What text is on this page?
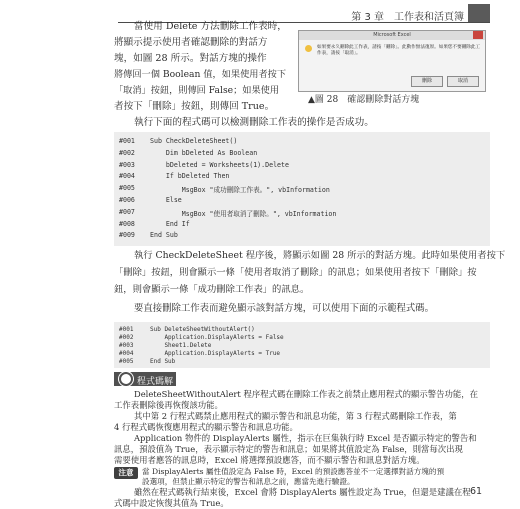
第 3 章　工作表和活頁簿
當使用 Delete 方法刪除工作表時，
將顯示提示使用者確認刪除的對話方
塊，如圖 28 所示。對話方塊的操作
將傳回一個 Boolean 值，如果使用者按下
「取消」按鈕，則傳回 False；如果使用
者按下「刪除」按鈕，則傳回 True。
Microsoft Excel
如果要永久刪除此工作表，請按「刪除」。此動作無法復原。如果您不要刪除此工作表，請按「取消」。
刪除	取消
▲圖 28　確認刪除對話方塊
#001	Sub CheckDeleteSheet()
#002	Dim bDeleted As Boolean
#003	bDeleted = Worksheets(1).Delete
#004	If bDeleted Then
#005	MsgBox "成功刪除工作表。", vbInformation
#006	Else
#007	MsgBox "使用者取消了刪除。", vbInformation
#008	End If
#009	End Sub
#001	Sub DeleteSheetWithoutAlert()
#002	Application.DisplayAlerts = False
#003	Sheet1.Delete
#004	Application.DisplayAlerts = True
#005	End Sub
程式碼解析
61
執行下面的程式碼可以檢測刪除工作表的操作是否成功。
執行 CheckDeleteSheet 程序後，將顯示如圖 28 所示的對話方塊。此時如果使用者按下
「刪除」按鈕，則會顯示一條「使用者取消了刪除」的訊息；如果使用者按下「刪除」按
鈕，則會顯示一條「成功刪除工作表」的訊息。
要直接刪除工作表而避免顯示該對話方塊，可以使用下面的示範程式碼。
DeleteSheetWithoutAlert 程序程式碼在刪除工作表之前禁止應用程式的顯示警告功能，在
工作表刪除後再恢復該功能。
其中第 2 行程式碼禁止應用程式的顯示警告和訊息功能，第 3 行程式碼刪除工作表，第
4 行程式碼恢復應用程式的顯示警告和訊息功能。
Application 物件的 DisplayAlerts 屬性，指示在巨集執行時 Excel 是否顯示特定的警告和
訊息，預設值為 True，表示顯示特定的警告和訊息；如果將其值設定為 False，則當每次出現
需要使用者應答的訊息時，Excel 將選擇預設應答，而不顯示警告和訊息對話方塊。
注意	當 DisplayAlerts 屬性值設定為 False 時，Excel 的預設應答並不一定選擇對話方塊的預
設選項，但禁止顯示特定的警告和訊息之前，應當先進行驗證。
雖然在程式碼執行結束後，Excel 會將 DisplayAlerts 屬性設定為 True，但還是建議在程
式碼中設定恢復其值為 True。
